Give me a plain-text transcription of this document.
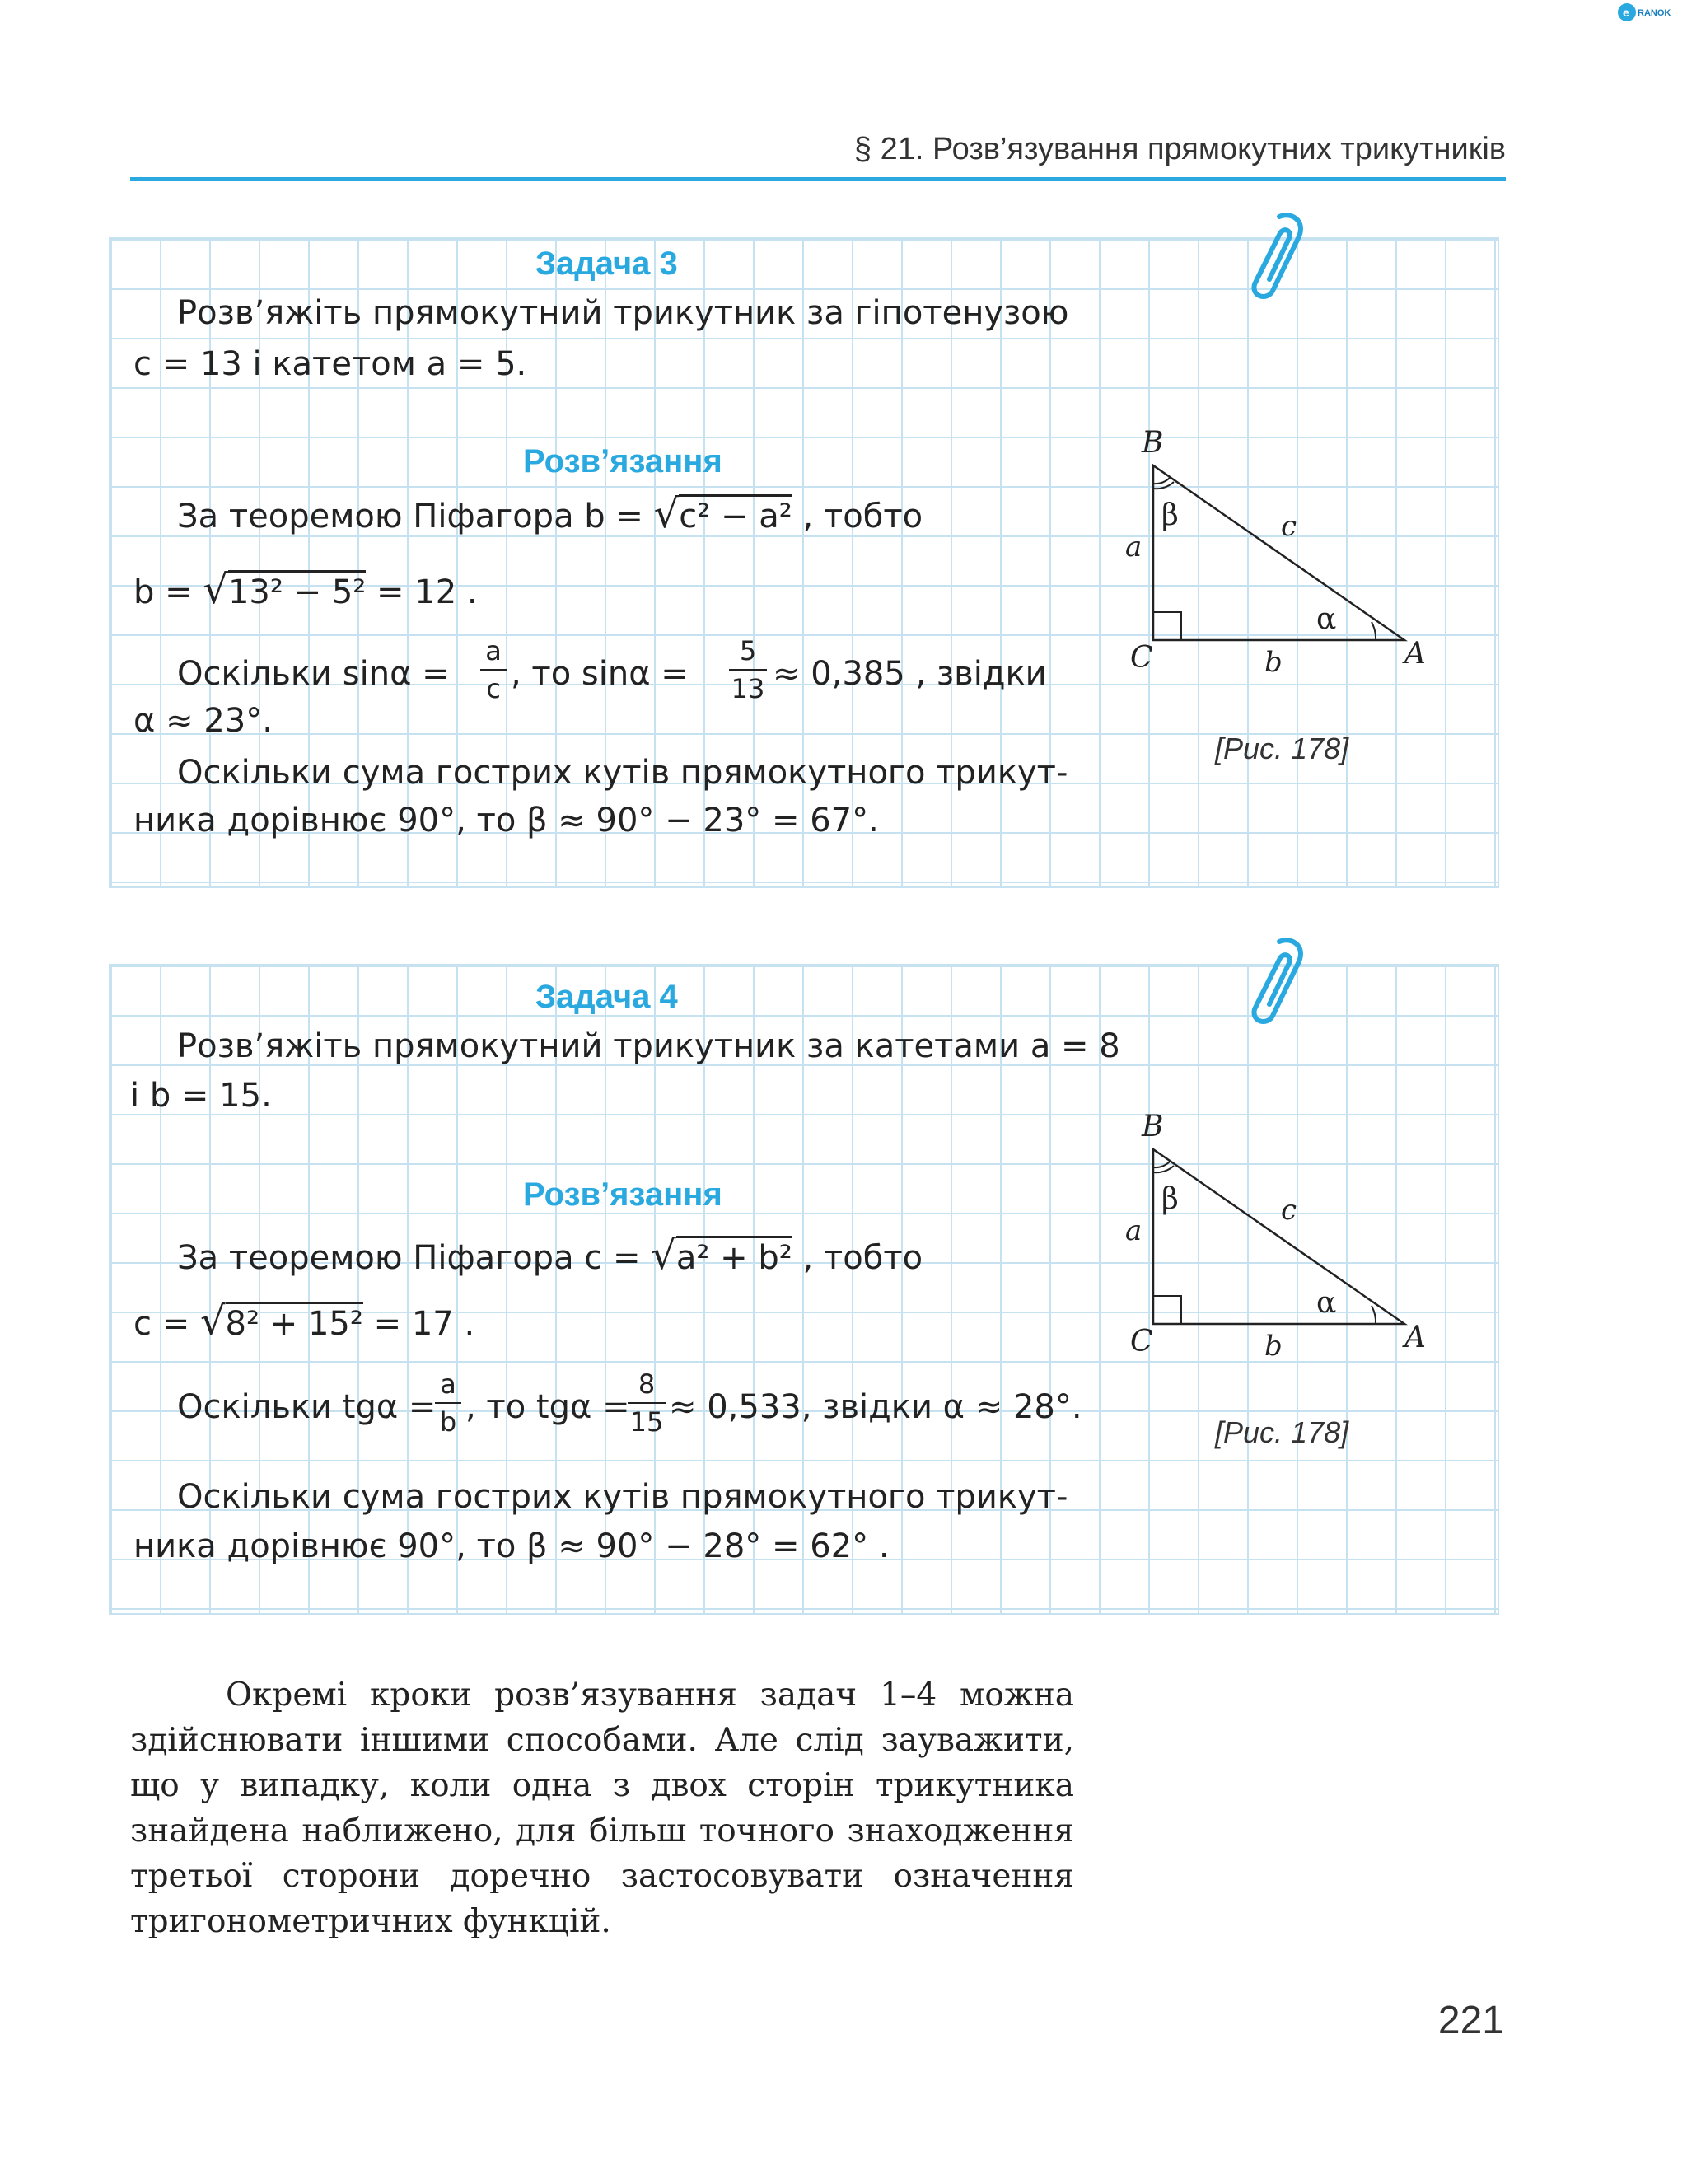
e RANOK
§ 21. Розв’язування прямокутних трикутників
Задача 3
Розв’яжіть прямокутний трикутник за гіпотенузою
c = 13 і катетом a = 5.
Розв’язання
За теоремою Піфагора b = √c² − a² , тобто
b = √13² − 5² = 12 .
Оскільки $\sin\alpha = \frac{a}{c}$ , то $\sin\alpha = \frac{5}{13} \approx 0,385$ , звідки
α ≈ 23°.
Оскільки сума гострих кутів прямокутного трикут-
ника дорівнює 90°, то β ≈ 90° − 23° = 67°.
B
C	A
a
b
c
β
α
[Рис. 178]
Задача 4
Розв’яжіть прямокутний трикутник за катетами a = 8
і b = 15.
Розв’язання
За теоремою Піфагора c = √a² + b² , тобто
c = √8² + 15² = 17 .
Оскільки tgα =
$\frac{a}{b}$ , то tgα =
$\frac{8}{15} \approx 0,533$, звідки α ≈ 28°.
Оскільки сума гострих кутів прямокутного трикут-
ника дорівнює 90°, то β ≈ 90° − 28° = 62° .
B
C	A
a
b
c
β
α
[Рис. 178]
Окремі кроки розв’язування задач 1–4 можна здійснювати іншими способами. Але слід зауважити, що у випадку, коли одна з двох сторін трикутника знайдена наближено, для більш точного знаходження третьої сторони доречно застосовувати означення тригонометричних функцій.
221
